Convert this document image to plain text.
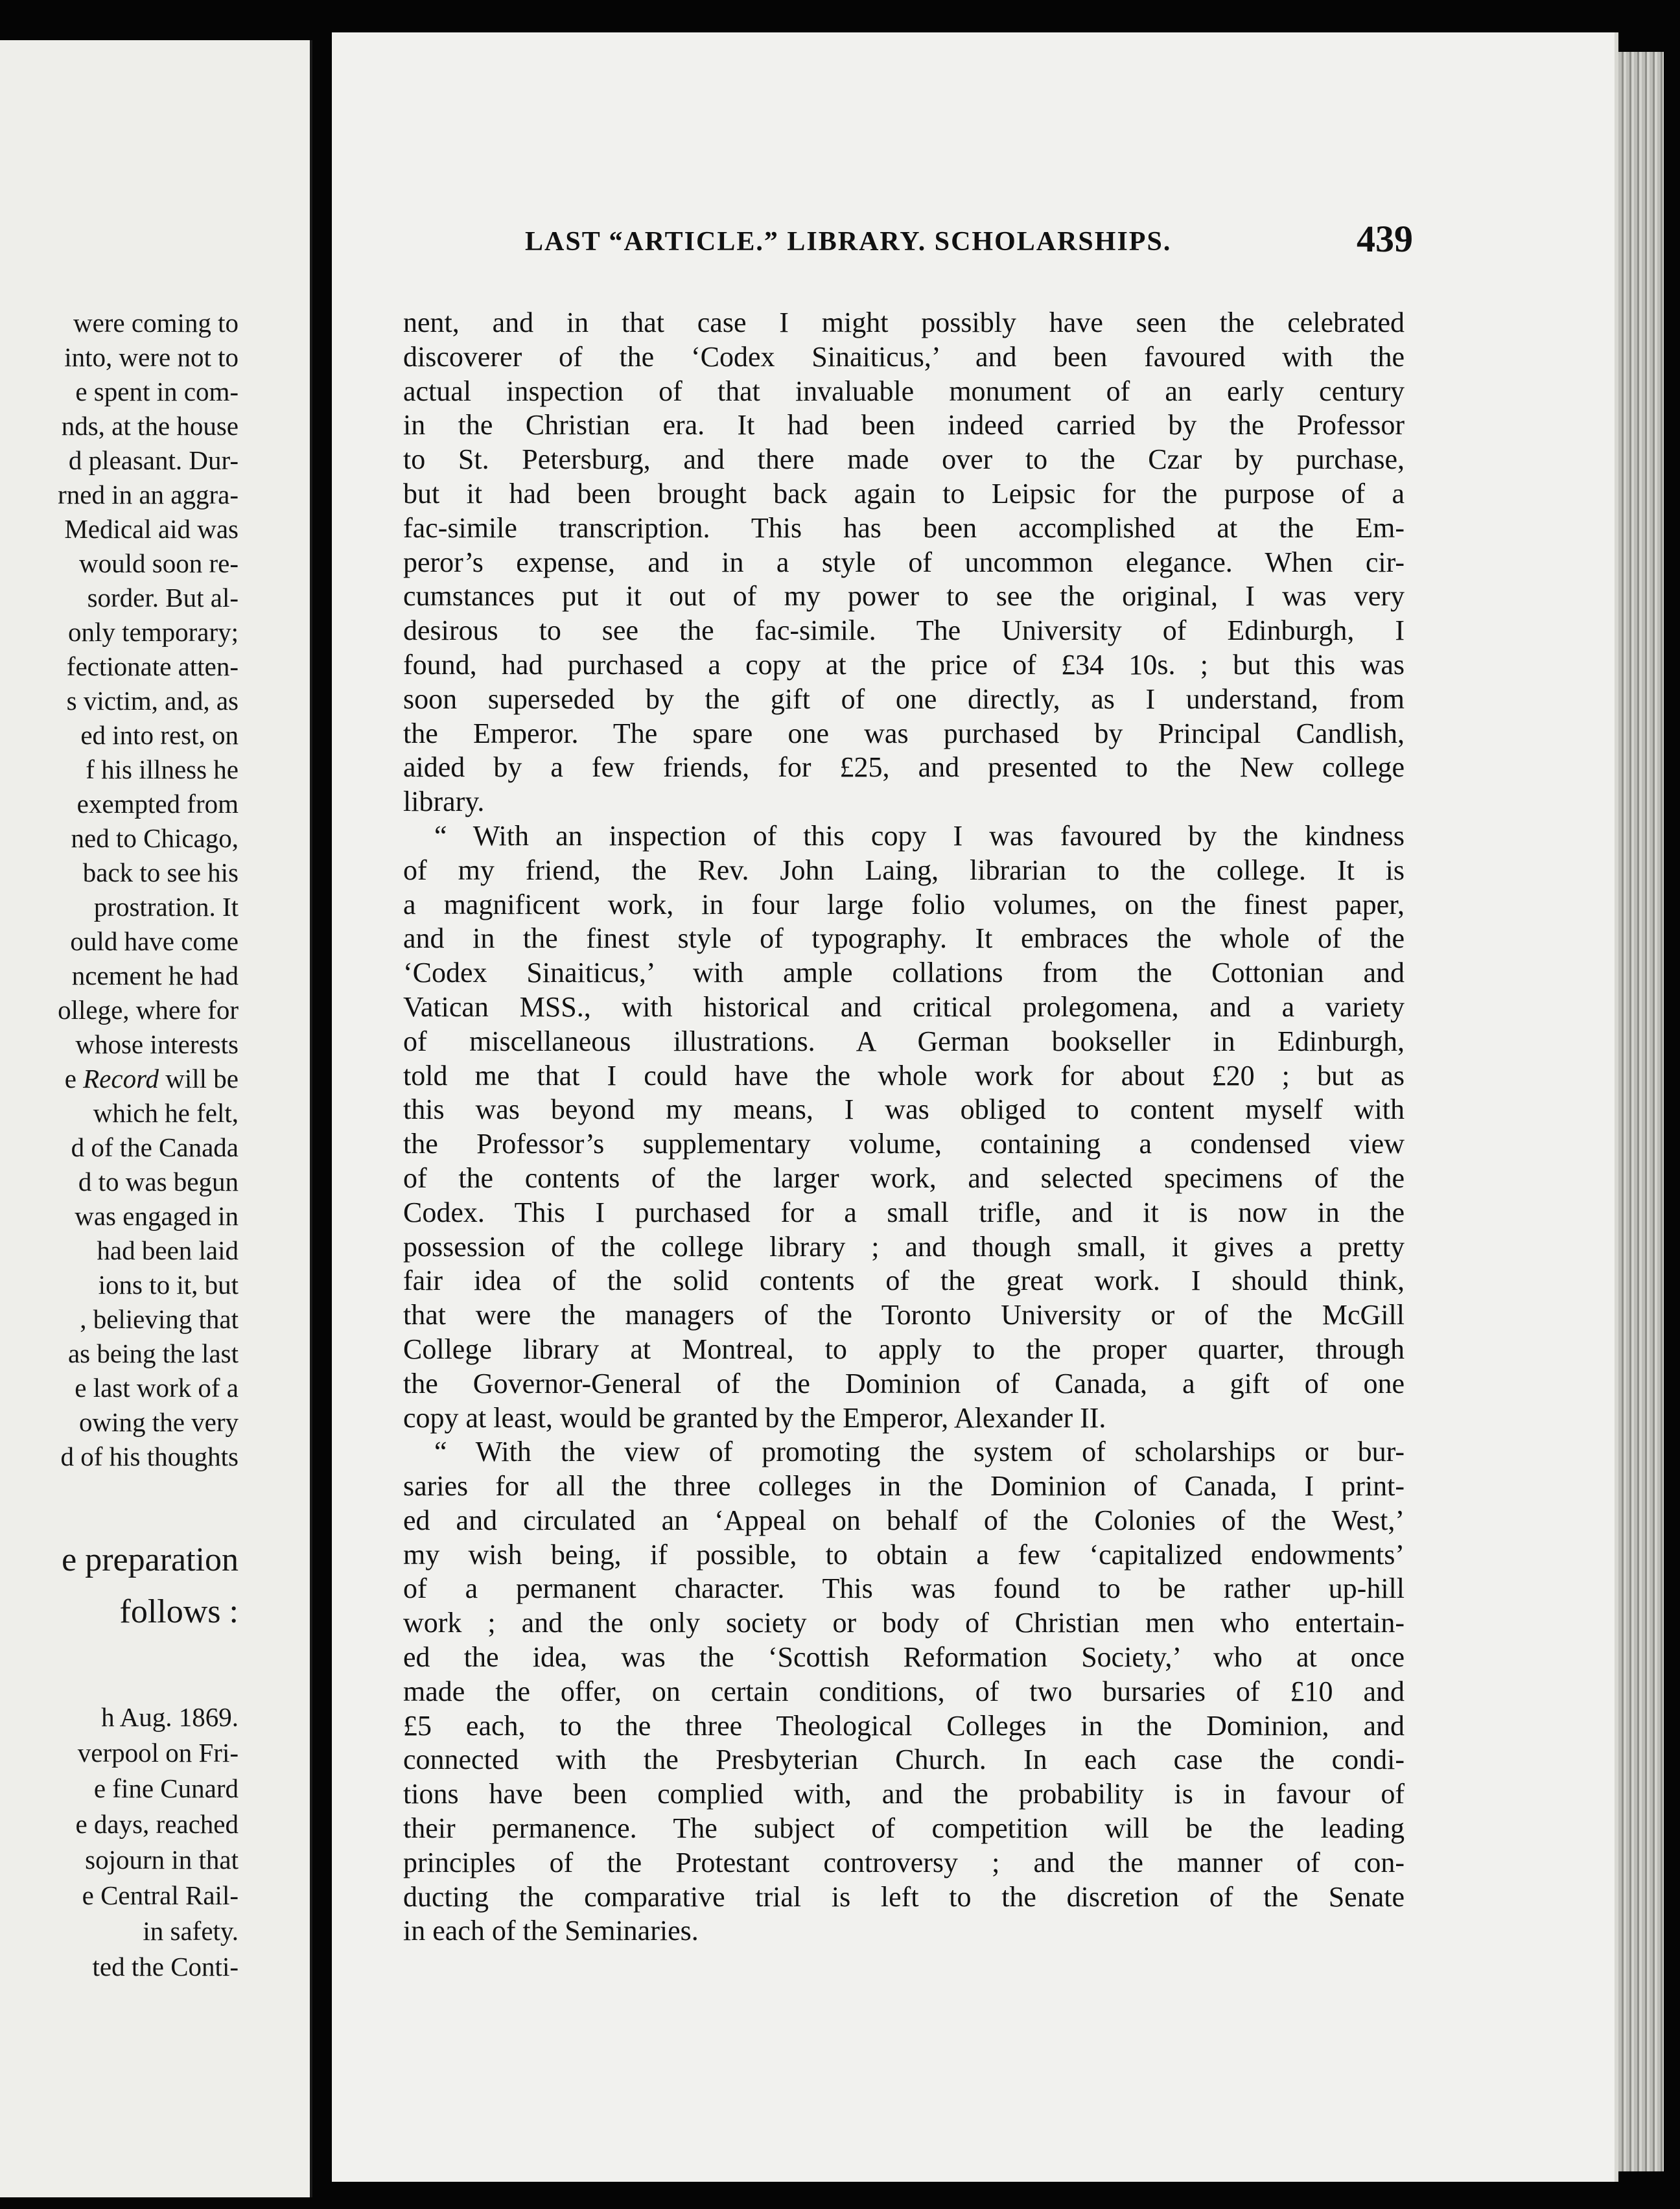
were coming to
into, were not to
e spent in com-
nds, at the house
d pleasant. Dur-
rned in an aggra-
Medical aid was
would soon re-
sorder. But al-
only temporary;
fectionate atten-
s victim, and, as
ed into rest, on
f his illness he
exempted from
ned to Chicago,
back to see his
prostration. It
ould have come
ncement he had
ollege, where for
whose interests
e Record will be
which he felt,
d of the Canada
d to was begun
was engaged in
had been laid
ions to it, but
, believing that
as being the last
e last work of a
owing the very
d of his thoughts
e preparation
follows :
h Aug. 1869.
verpool on Fri-
e fine Cunard
e days, reached
sojourn in that
e Central Rail-
in safety.
ted the Conti-
LAST “ARTICLE.” LIBRARY. SCHOLARSHIPS.	439
nent, and in that case I might possibly have seen the celebrated
discoverer of the ‘Codex Sinaiticus,’ and been favoured with the
actual inspection of that invaluable monument of an early century
in the Christian era. It had been indeed carried by the Professor
to St. Petersburg, and there made over to the Czar by purchase,
but it had been brought back again to Leipsic for the purpose of a
fac-simile transcription. This has been accomplished at the Em-
peror’s expense, and in a style of uncommon elegance. When cir-
cumstances put it out of my power to see the original, I was very
desirous to see the fac-simile. The University of Edinburgh, I
found, had purchased a copy at the price of £34 10s. ; but this was
soon superseded by the gift of one directly, as I understand, from
the Emperor. The spare one was purchased by Principal Candlish,
aided by a few friends, for £25, and presented to the New college
library.
“ With an inspection of this copy I was favoured by the kindness
of my friend, the Rev. John Laing, librarian to the college. It is
a magnificent work, in four large folio volumes, on the finest paper,
and in the finest style of typography. It embraces the whole of the
‘Codex Sinaiticus,’ with ample collations from the Cottonian and
Vatican MSS., with historical and critical prolegomena, and a variety
of miscellaneous illustrations. A German bookseller in Edinburgh,
told me that I could have the whole work for about £20 ; but as
this was beyond my means, I was obliged to content myself with
the Professor’s supplementary volume, containing a condensed view
of the contents of the larger work, and selected specimens of the
Codex. This I purchased for a small trifle, and it is now in the
possession of the college library ; and though small, it gives a pretty
fair idea of the solid contents of the great work. I should think,
that were the managers of the Toronto University or of the McGill
College library at Montreal, to apply to the proper quarter, through
the Governor-General of the Dominion of Canada, a gift of one
copy at least, would be granted by the Emperor, Alexander II.
“ With the view of promoting the system of scholarships or bur-
saries for all the three colleges in the Dominion of Canada, I print-
ed and circulated an ‘Appeal on behalf of the Colonies of the West,’
my wish being, if possible, to obtain a few ‘capitalized endowments’
of a permanent character. This was found to be rather up-hill
work ; and the only society or body of Christian men who entertain-
ed the idea, was the ‘Scottish Reformation Society,’ who at once
made the offer, on certain conditions, of two bursaries of £10 and
£5 each, to the three Theological Colleges in the Dominion, and
connected with the Presbyterian Church. In each case the condi-
tions have been complied with, and the probability is in favour of
their permanence. The subject of competition will be the leading
principles of the Protestant controversy ; and the manner of con-
ducting the comparative trial is left to the discretion of the Senate
in each of the Seminaries.
